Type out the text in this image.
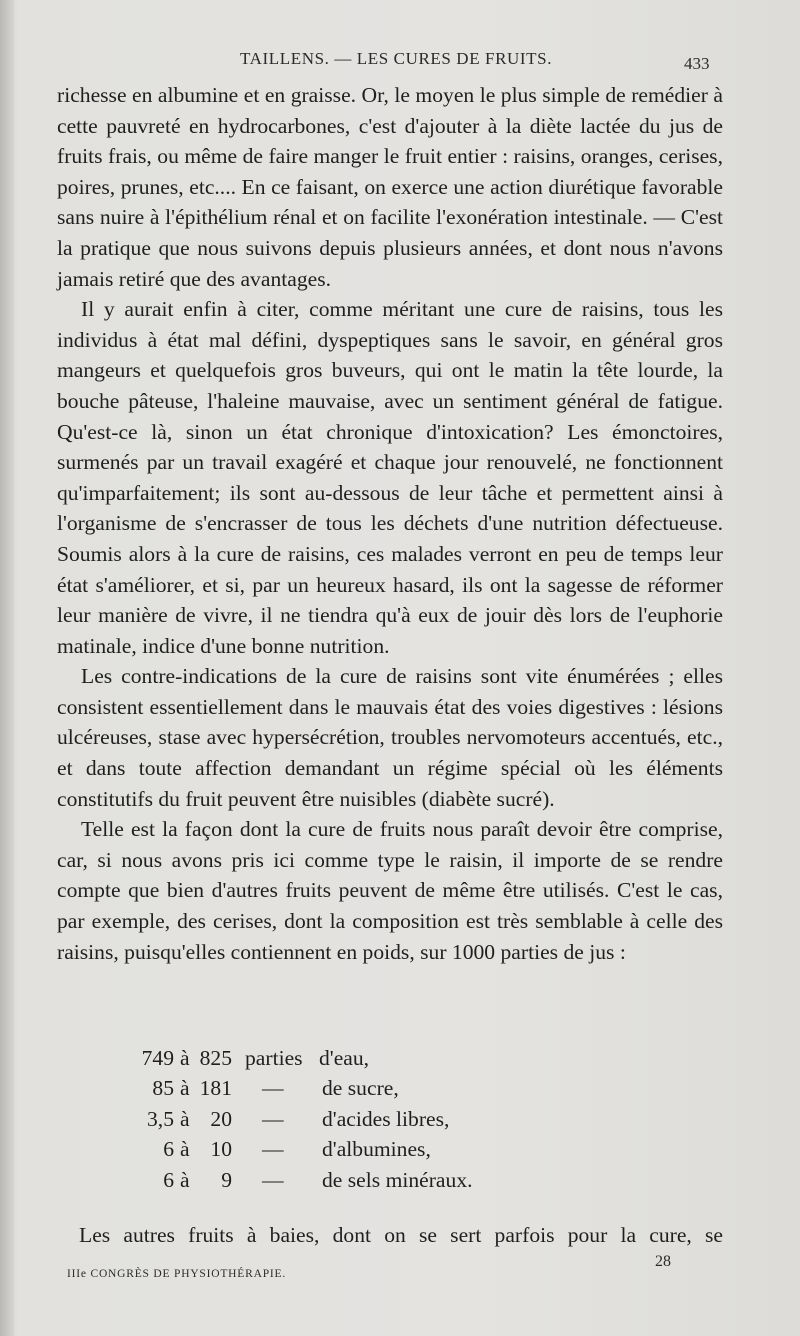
TAILLENS. — LES CURES DE FRUITS.	433

richesse en albumine et en graisse. Or, le moyen le plus simple de remédier à cette pauvreté en hydrocarbones, c'est d'ajouter à la diète lactée du jus de fruits frais, ou même de faire manger le fruit entier : raisins, oranges, cerises, poires, prunes, etc.... En ce faisant, on exerce une action diurétique favorable sans nuire à l'épithélium rénal et on facilite l'exonération intestinale. — C'est la pratique que nous suivons depuis plusieurs années, et dont nous n'avons jamais retiré que des avantages.

Il y aurait enfin à citer, comme méritant une cure de raisins, tous les individus à état mal défini, dyspeptiques sans le savoir, en général gros mangeurs et quelquefois gros buveurs, qui ont le matin la tête lourde, la bouche pâteuse, l'haleine mauvaise, avec un sentiment général de fatigue. Qu'est-ce là, sinon un état chronique d'intoxication? Les émonctoires, surmenés par un travail exagéré et chaque jour renouvelé, ne fonctionnent qu'imparfaitement; ils sont au-dessous de leur tâche et permettent ainsi à l'organisme de s'encrasser de tous les déchets d'une nutrition défectueuse. Soumis alors à la cure de raisins, ces malades verront en peu de temps leur état s'améliorer, et si, par un heureux hasard, ils ont la sagesse de réformer leur manière de vivre, il ne tiendra qu'à eux de jouir dès lors de l'euphorie matinale, indice d'une bonne nutrition.

Les contre-indications de la cure de raisins sont vite énumérées ; elles consistent essentiellement dans le mauvais état des voies digestives : lésions ulcéreuses, stase avec hypersécrétion, troubles nervomoteurs accentués, etc., et dans toute affection demandant un régime spécial où les éléments constitutifs du fruit peuvent être nuisibles (diabète sucré).

Telle est la façon dont la cure de fruits nous paraît devoir être comprise, car, si nous avons pris ici comme type le raisin, il importe de se rendre compte que bien d'autres fruits peuvent de même être utilisés. C'est le cas, par exemple, des cerises, dont la composition est très semblable à celle des raisins, puisqu'elles contiennent en poids, sur 1000 parties de jus :

749 à 825 parties d'eau,
85 à 181 — de sucre,
3,5 à 20 — d'acides libres,
6 à 10 — d'albumines,
6 à 9 — de sels minéraux.
Les autres fruits à baies, dont on se sert parfois pour la cure, se
IIIe CONGRÈS DE PHYSIOTHÉRAPIE.
28
